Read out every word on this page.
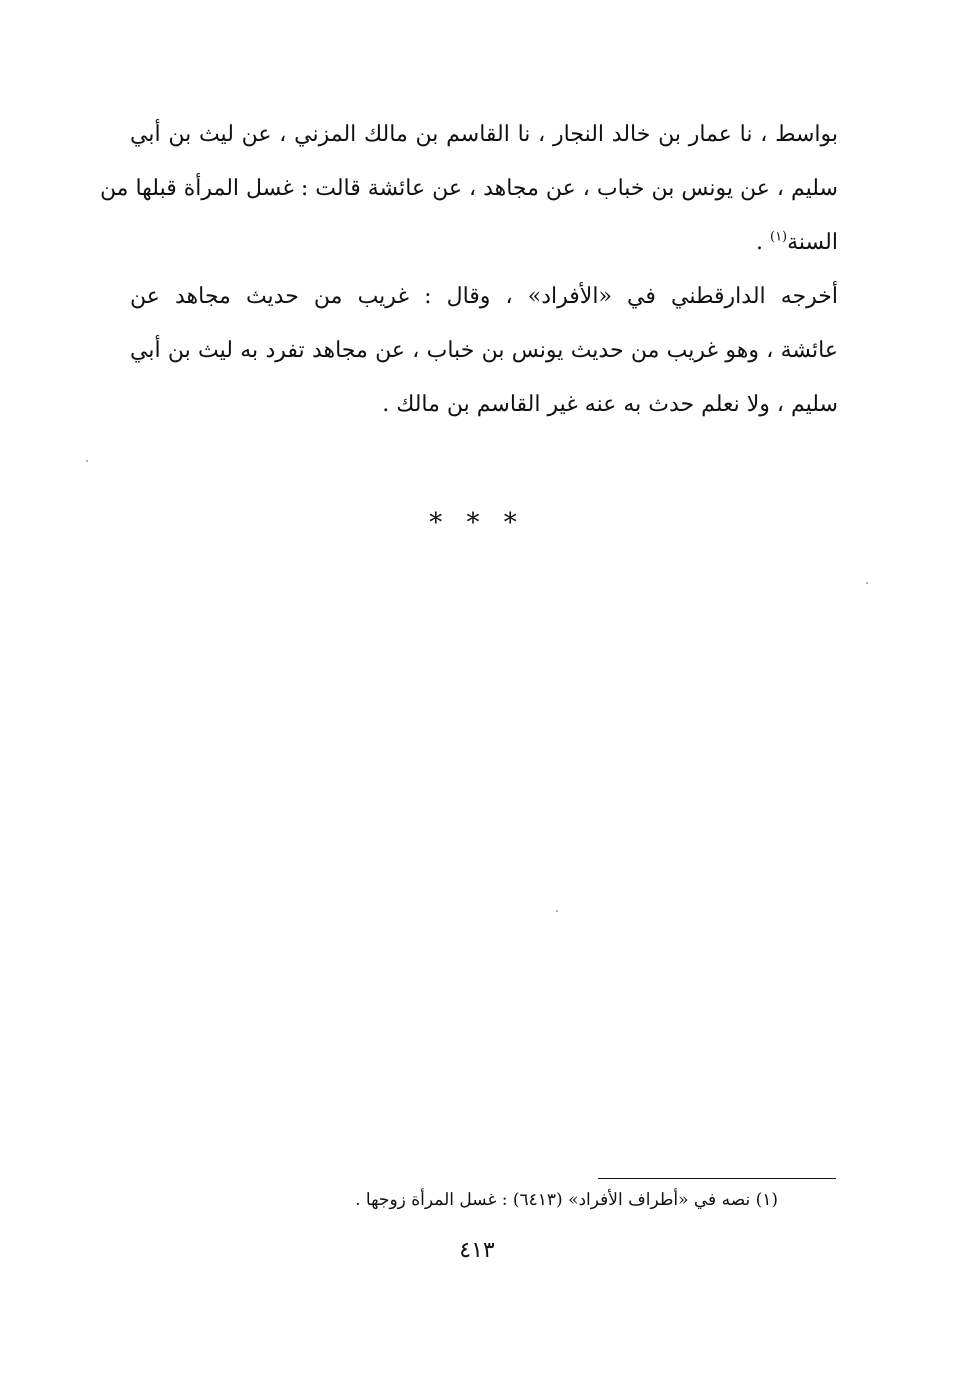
بواسط ، نا عمار بن خالد النجار ، نا القاسم بن مالك المزني ، عن ليث بن أبي
سليم ، عن يونس بن خباب ، عن مجاهد ، عن عائشة قالت : غسل المرأة قبلها من
السنة$^{(١)}$ .
أخرجه الدارقطني في «الأفراد» ، وقال : غريب من حديث مجاهد عن
عائشة ، وهو غريب من حديث يونس بن خباب ، عن مجاهد تفرد به ليث بن أبي
سليم ، ولا نعلم حدث به عنه غير القاسم بن مالك .
* * *
(١) نصه في «أطراف الأفراد» (٦٤١٣) : غسل المرأة زوجها .
٤١٣
